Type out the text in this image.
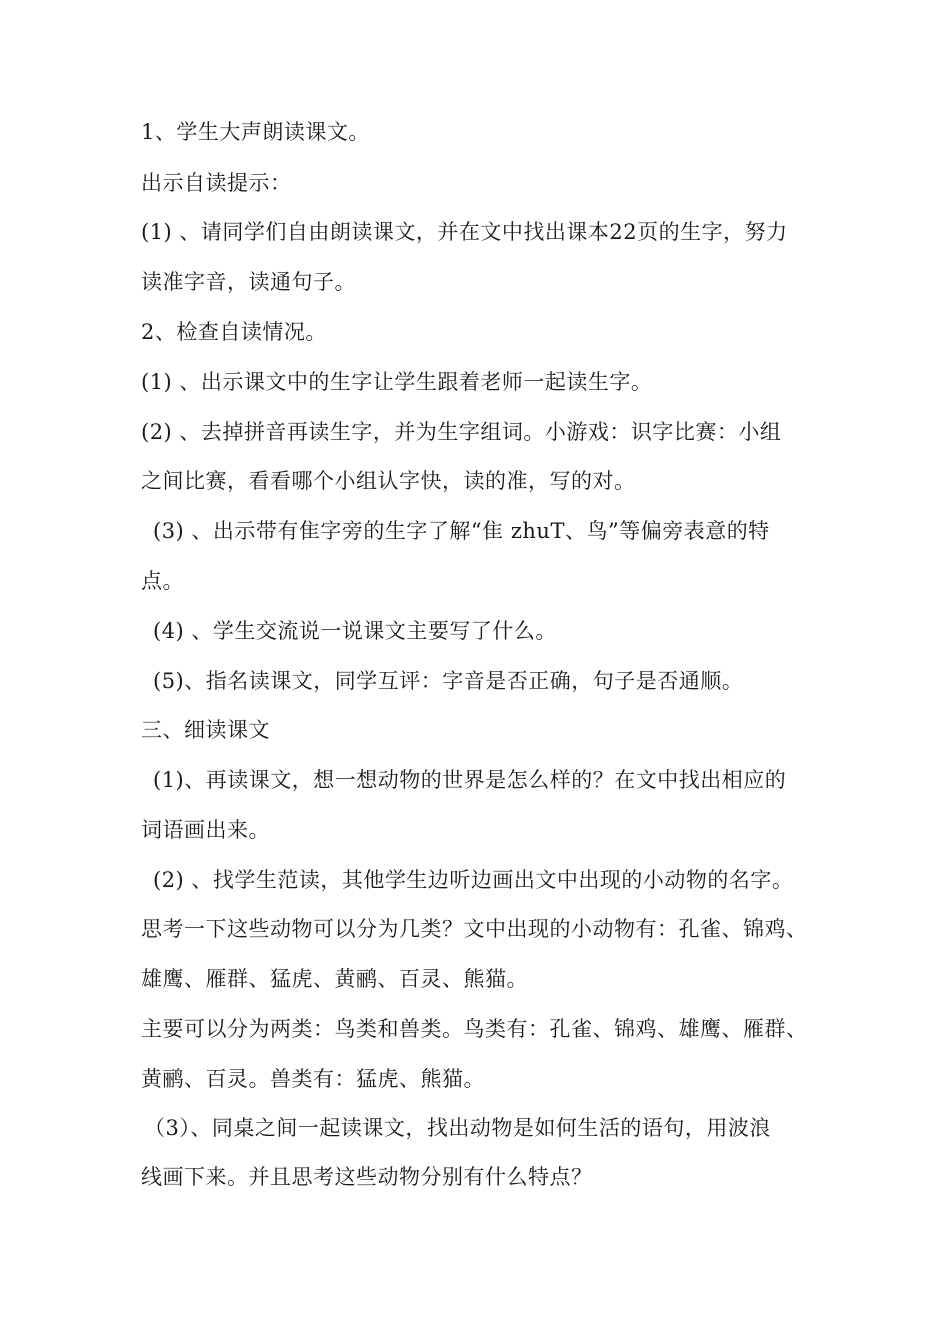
1、学生大声朗读课文。
出示自读提示：
(1) 、请同学们自由朗读课文，并在文中找出课本22页的生字，努力
读准字音，读通句子。
2、检查自读情况。
(1) 、出示课文中的生字让学生跟着老师一起读生字。
(2) 、去掉拼音再读生字，并为生字组词。小游戏：识字比赛：小组
之间比赛，看看哪个小组认字快，读的准，写的对。
(3) 、出示带有隹字旁的生字了解“隹 zhuT、鸟”等偏旁表意的特
点。
(4) 、学生交流说一说课文主要写了什么。
(5)、指名读课文，同学互评：字音是否正确，句子是否通顺。
三、细读课文
(1)、再读课文，想一想动物的世界是怎么样的？在文中找出相应的
词语画出来。
(2) 、找学生范读，其他学生边听边画出文中出现的小动物的名字。
思考一下这些动物可以分为几类？文中出现的小动物有：孔雀、锦鸡、
雄鹰、雁群、猛虎、黄鹂、百灵、熊猫。
主要可以分为两类：鸟类和兽类。鸟类有：孔雀、锦鸡、雄鹰、雁群、
黄鹂、百灵。兽类有：猛虎、熊猫。
（3）、同桌之间一起读课文，找出动物是如何生活的语句，用波浪
线画下来。并且思考这些动物分别有什么特点？
